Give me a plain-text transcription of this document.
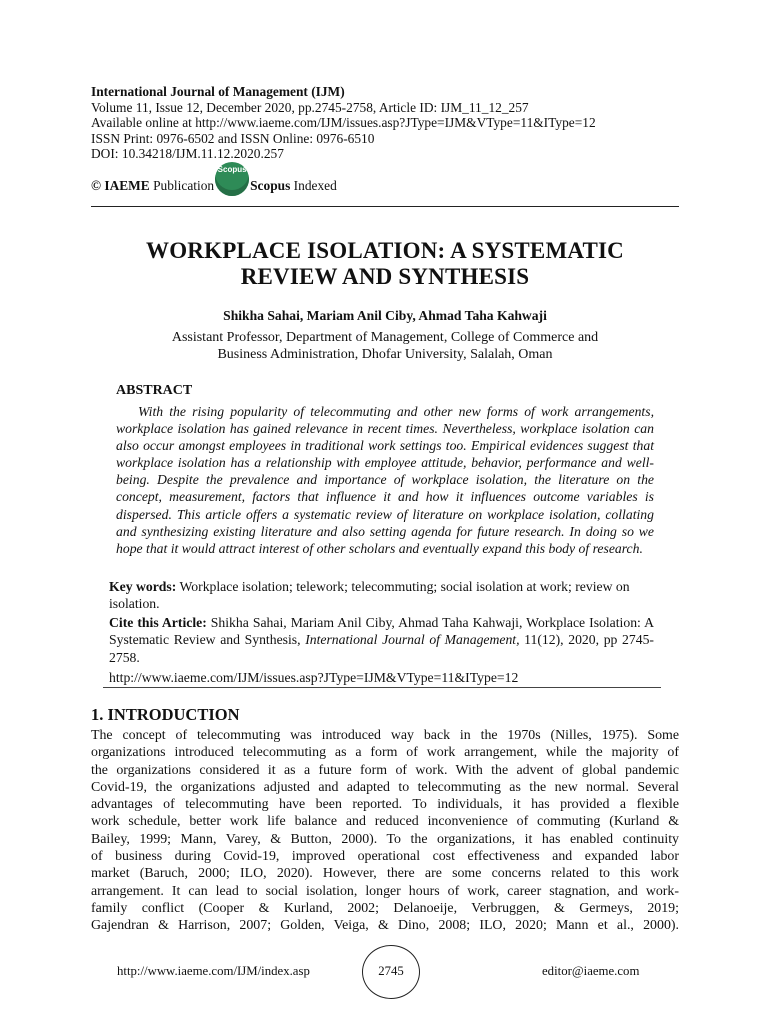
International Journal of Management (IJM)
Volume 11, Issue 12, December 2020, pp.2745-2758, Article ID: IJM_11_12_257
Available online at http://www.iaeme.com/IJM/issues.asp?JType=IJM&VType=11&IType=12
ISSN Print: 0976-6502 and ISSN Online: 0976-6510
DOI: 10.34218/IJM.11.12.2020.257
© IAEME Publication
Scopus
Scopus Indexed
WORKPLACE ISOLATION: A SYSTEMATIC
REVIEW AND SYNTHESIS
Shikha Sahai, Mariam Anil Ciby, Ahmad Taha Kahwaji
Assistant Professor, Department of Management, College of Commerce and
Business Administration, Dhofar University, Salalah, Oman
ABSTRACT
With the rising popularity of telecommuting and other new forms of work arrangements, workplace isolation has gained relevance in recent times. Nevertheless, workplace isolation can also occur amongst employees in traditional work settings too. Empirical evidences suggest that workplace isolation has a relationship with employee attitude, behavior, performance and well-being. Despite the prevalence and importance of workplace isolation, the literature on the concept, measurement, factors that influence it and how it influences outcome variables is dispersed. This article offers a systematic review of literature on workplace isolation, collating and synthesizing existing literature and also setting agenda for future research. In doing so we hope that it would attract interest of other scholars and eventually expand this body of research.
Key words: Workplace isolation; telework; telecommuting; social isolation at work; review on isolation.
Cite this Article: Shikha Sahai, Mariam Anil Ciby, Ahmad Taha Kahwaji, Workplace Isolation: A Systematic Review and Synthesis, International Journal of Management, 11(12), 2020, pp 2745-2758.
http://www.iaeme.com/IJM/issues.asp?JType=IJM&VType=11&IType=12
1. INTRODUCTION
The concept of telecommuting was introduced way back in the 1970s (Nilles, 1975). Some
organizations introduced telecommuting as a form of work arrangement, while the majority of
the organizations considered it as a future form of work. With the advent of global pandemic
Covid-19, the organizations adjusted and adapted to telecommuting as the new normal. Several
advantages of telecommuting have been reported. To individuals, it has provided a flexible
work schedule, better work life balance and reduced inconvenience of commuting (Kurland &
Bailey, 1999; Mann, Varey, & Button, 2000). To the organizations, it has enabled continuity
of business during Covid-19, improved operational cost effectiveness and expanded labor
market (Baruch, 2000; ILO, 2020). However, there are some concerns related to this work
arrangement. It can lead to social isolation, longer hours of work, career stagnation, and work-
family conflict (Cooper & Kurland, 2002; Delanoeije, Verbruggen, & Germeys, 2019;
Gajendran & Harrison, 2007; Golden, Veiga, & Dino, 2008; ILO, 2020; Mann et al., 2000).
http://www.iaeme.com/IJM/index.asp	2745	editor@iaeme.com
